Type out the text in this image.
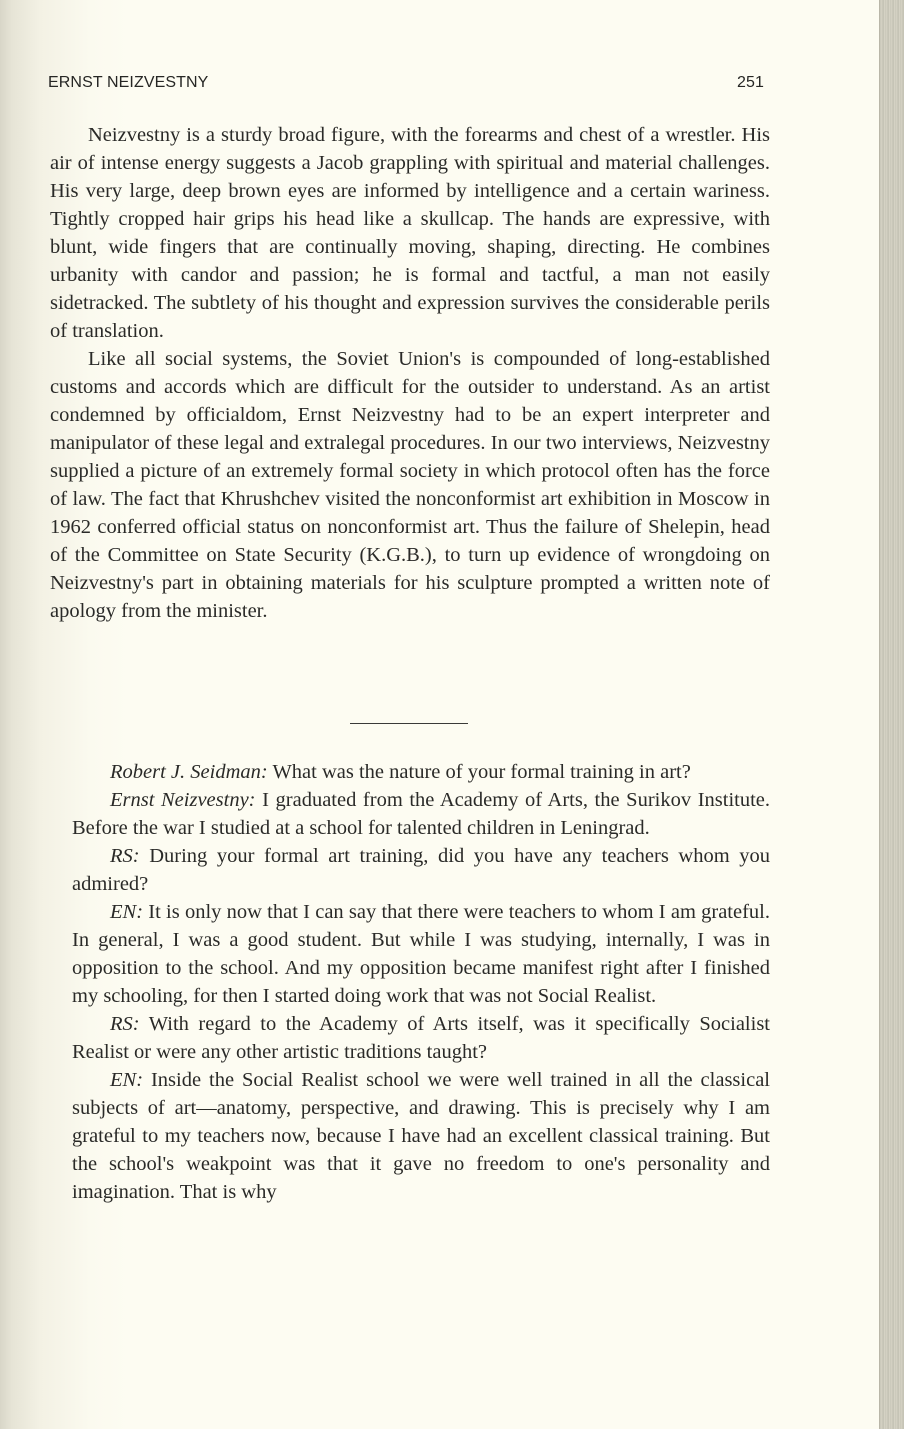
ERNST NEIZVESTNY	251

Neizvestny is a sturdy broad figure, with the forearms and chest of a wrestler. His air of intense energy suggests a Jacob grappling with spiritual and material challenges. His very large, deep brown eyes are informed by intelligence and a certain wariness. Tightly cropped hair grips his head like a skullcap. The hands are expressive, with blunt, wide fingers that are continually moving, shaping, directing. He combines urbanity with candor and passion; he is formal and tactful, a man not easily sidetracked. The subtlety of his thought and expression survives the considerable perils of translation.

Like all social systems, the Soviet Union's is compounded of long-established customs and accords which are difficult for the outsider to understand. As an artist condemned by officialdom, Ernst Neizvestny had to be an expert interpreter and manipulator of these legal and extralegal procedures. In our two interviews, Neizvestny supplied a picture of an extremely formal society in which protocol often has the force of law. The fact that Khrushchev visited the nonconformist art exhibition in Moscow in 1962 conferred official status on nonconformist art. Thus the failure of Shelepin, head of the Committee on State Security (K.G.B.), to turn up evidence of wrongdoing on Neizvestny's part in obtaining materials for his sculpture prompted a written note of apology from the minister.

Robert J. Seidman: What was the nature of your formal training in art?

Ernst Neizvestny: I graduated from the Academy of Arts, the Surikov Institute. Before the war I studied at a school for talented children in Leningrad.

RS: During your formal art training, did you have any teachers whom you admired?

EN: It is only now that I can say that there were teachers to whom I am grateful. In general, I was a good student. But while I was studying, internally, I was in opposition to the school. And my opposition became manifest right after I finished my schooling, for then I started doing work that was not Social Realist.

RS: With regard to the Academy of Arts itself, was it specifically Socialist Realist or were any other artistic traditions taught?

EN: Inside the Social Realist school we were well trained in all the classical subjects of art—anatomy, perspective, and drawing. This is precisely why I am grateful to my teachers now, because I have had an excellent classical training. But the school's weakpoint was that it gave no freedom to one's personality and imagination. That is why
